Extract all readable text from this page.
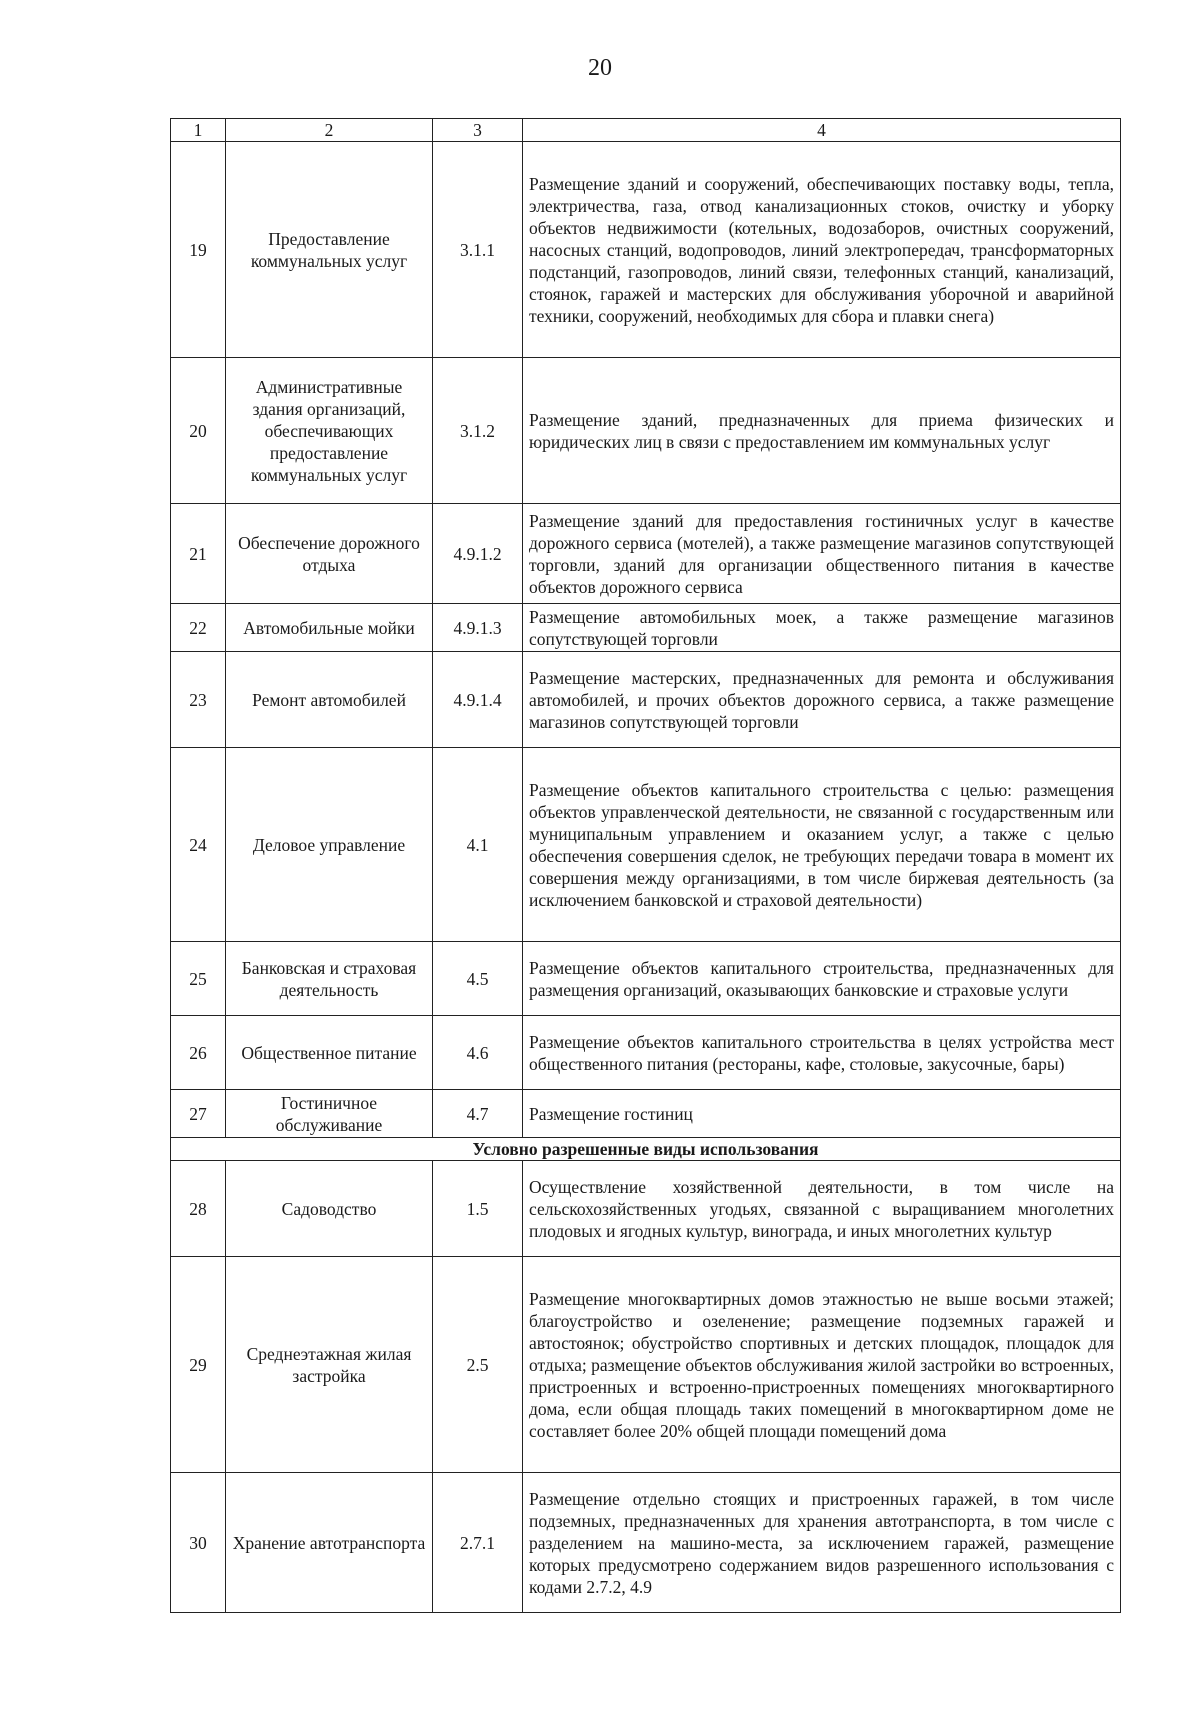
20
1	2	3	4
19	Предоставление коммунальных услуг	3.1.1	Размещение зданий и сооружений, обеспечивающих поставку воды, тепла, электричества, газа, отвод канализационных стоков, очистку и уборку объектов недвижимости (котельных, водозаборов, очистных сооружений, насосных станций, водопроводов, линий электропередач, трансформаторных подстанций, газопроводов, линий связи, телефонных станций, канализаций, стоянок, гаражей и мастерских для обслуживания уборочной и аварийной техники, сооружений, необходимых для сбора и плавки снега)
20	Административные здания организаций, обеспечивающих предоставление коммунальных услуг	3.1.2	Размещение зданий, предназначенных для приема физических и юридических лиц в связи с предоставлением им коммунальных услуг
21	Обеспечение дорожного отдыха	4.9.1.2	Размещение зданий для предоставления гостиничных услуг в качестве дорожного сервиса (мотелей), а также размещение магазинов сопутствующей торговли, зданий для организации общественного питания в качестве объектов дорожного сервиса
22	Автомобильные мойки	4.9.1.3	Размещение автомобильных моек, а также размещение магазинов сопутствующей торговли
23	Ремонт автомобилей	4.9.1.4	Размещение мастерских, предназначенных для ремонта и обслуживания автомобилей, и прочих объектов дорожного сервиса, а также размещение магазинов сопутствующей торговли
24	Деловое управление	4.1	Размещение объектов капитального строительства с целью: размещения объектов управленческой деятельности, не связанной с государственным или муниципальным управлением и оказанием услуг, а также с целью обеспечения совершения сделок, не требующих передачи товара в момент их совершения между организациями, в том числе биржевая деятельность (за исключением банковской и страховой деятельности)
25	Банковская и страховая деятельность	4.5	Размещение объектов капитального строительства, предназначенных для размещения организаций, оказывающих банковские и страховые услуги
26	Общественное питание	4.6	Размещение объектов капитального строительства в целях устройства мест общественного питания (рестораны, кафе, столовые, закусочные, бары)
27	Гостиничное обслуживание	4.7	Размещение гостиниц
Условно разрешенные виды использования			
28	Садоводство	1.5	Осуществление хозяйственной деятельности, в том числе на сельскохозяйственных угодьях, связанной с выращиванием многолетних плодовых и ягодных культур, винограда, и иных многолетних культур
29	Среднеэтажная жилая застройка	2.5	Размещение многоквартирных домов этажностью не выше восьми этажей; благоустройство и озеленение; размещение подземных гаражей и автостоянок; обустройство спортивных и детских площадок, площадок для отдыха; размещение объектов обслуживания жилой застройки во встроенных, пристроенных и встроенно-пристроенных помещениях многоквартирного дома, если общая площадь таких помещений в многоквартирном доме не составляет более 20% общей площади помещений дома
30	Хранение автотранспорта	2.7.1	Размещение отдельно стоящих и пристроенных гаражей, в том числе подземных, предназначенных для хранения автотранспорта, в том числе с разделением на машино-места, за исключением гаражей, размещение которых предусмотрено содержанием видов разрешенного использования с кодами 2.7.2, 4.9
